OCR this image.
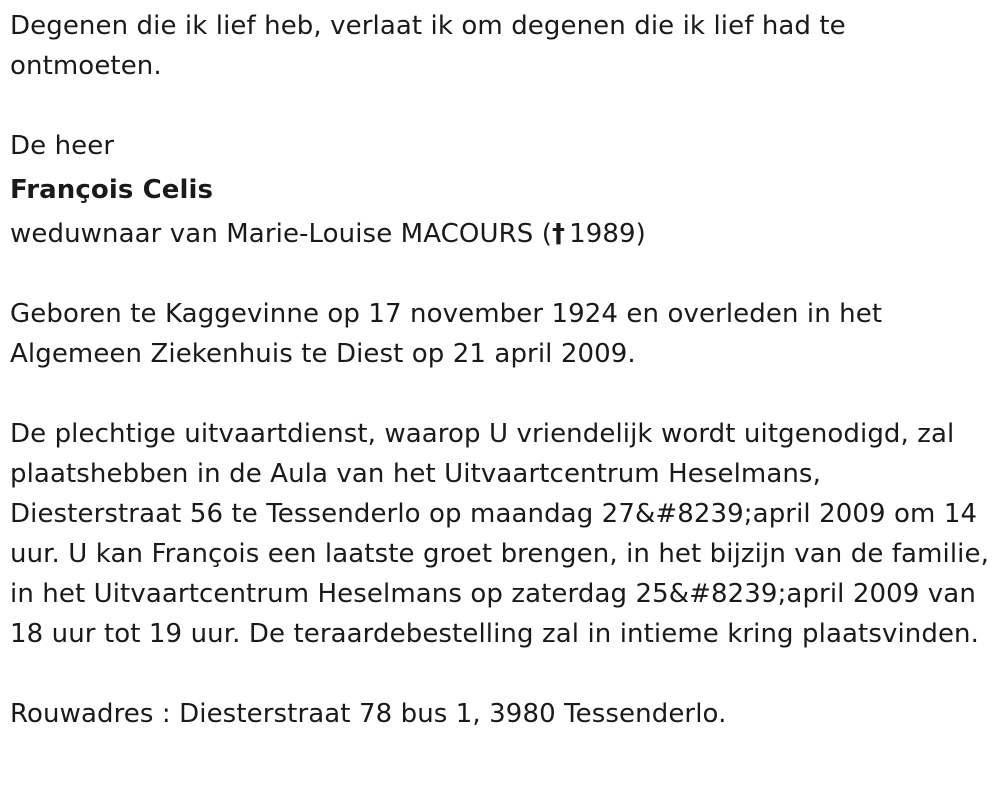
Degenen die ik lief heb, verlaat ik om degenen die ik lief had te ontmoeten.

De heer

François Celis

weduwnaar van Marie-Louise MACOURS († 1989)

Geboren te Kaggevinne op 17 november 1924 en overleden in het Algemeen Ziekenhuis te Diest op 21 april 2009.

De plechtige uitvaartdienst, waarop U vriendelijk wordt uitgenodigd, zal plaatshebben in de Aula van het Uitvaartcentrum Heselmans, Diesterstraat 56 te Tessenderlo op maandag 27&#8239;april 2009 om 14 uur. U kan François een laatste groet brengen, in het bijzijn van de familie, in het Uitvaartcentrum Heselmans op zaterdag 25&#8239;april 2009 van 18 uur tot 19 uur. De teraardebestelling zal in intieme kring plaatsvinden.

Rouwadres : Diesterstraat 78 bus 1, 3980 Tessenderlo.
